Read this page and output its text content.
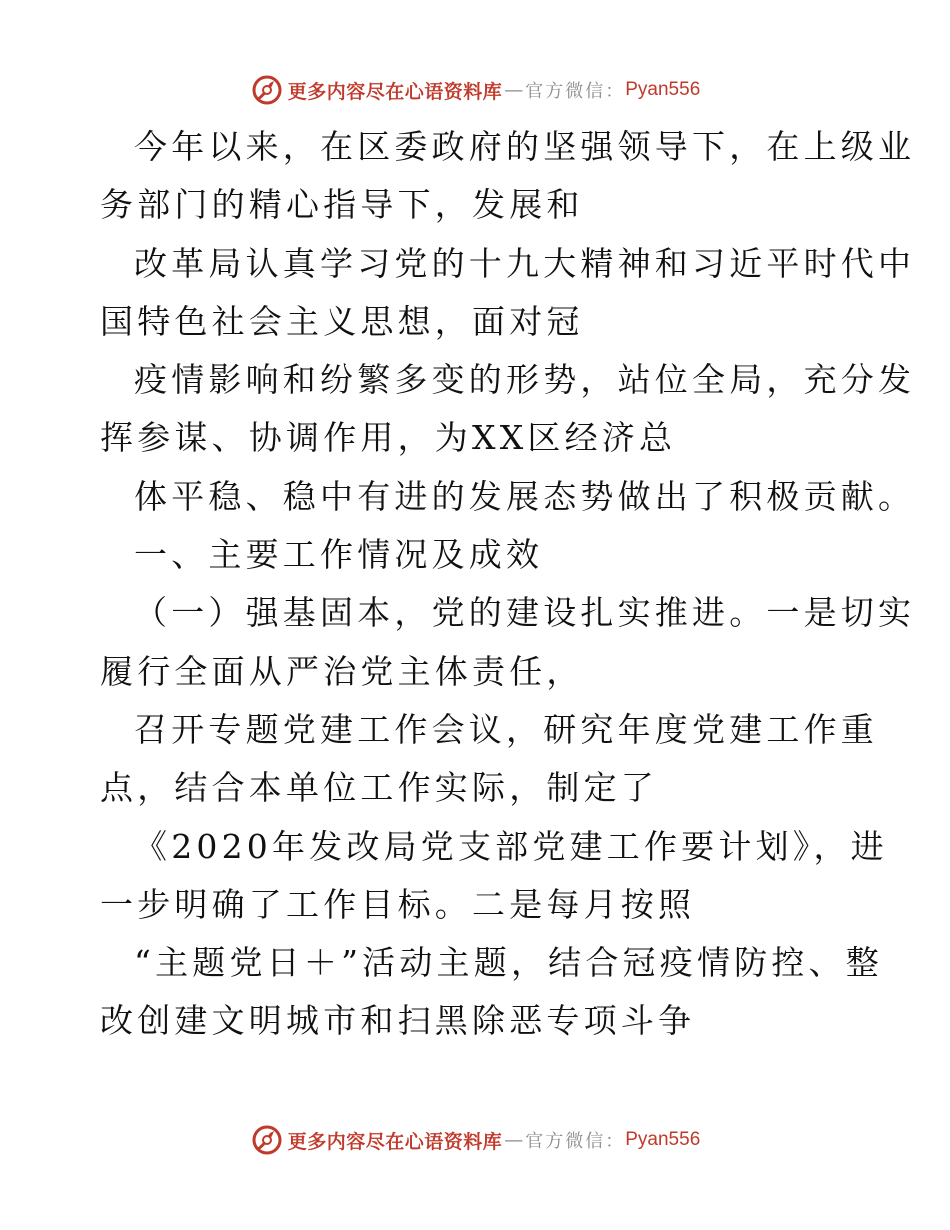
更多内容尽在心语资料库 — 官方微信： Pyan556
今年以来，在区委政府的坚强领导下，在上级业
务部门的精心指导下，发展和
改革局认真学习党的十九大精神和习近平时代中
国特色社会主义思想，面对冠
疫情影响和纷繁多变的形势，站位全局，充分发
挥参谋、协调作用，为XX区经济总
体平稳、稳中有进的发展态势做出了积极贡献。
一、主要工作情况及成效
（一）强基固本，党的建设扎实推进。一是切实
履行全面从严治党主体责任，
召开专题党建工作会议，研究年度党建工作重
点，结合本单位工作实际，制定了
《2020年发改局党支部党建工作要计划》，进
一步明确了工作目标。二是每月按照
“主题党日＋”活动主题，结合冠疫情防控、整
改创建文明城市和扫黑除恶专项斗争
更多内容尽在心语资料库 — 官方微信： Pyan556
